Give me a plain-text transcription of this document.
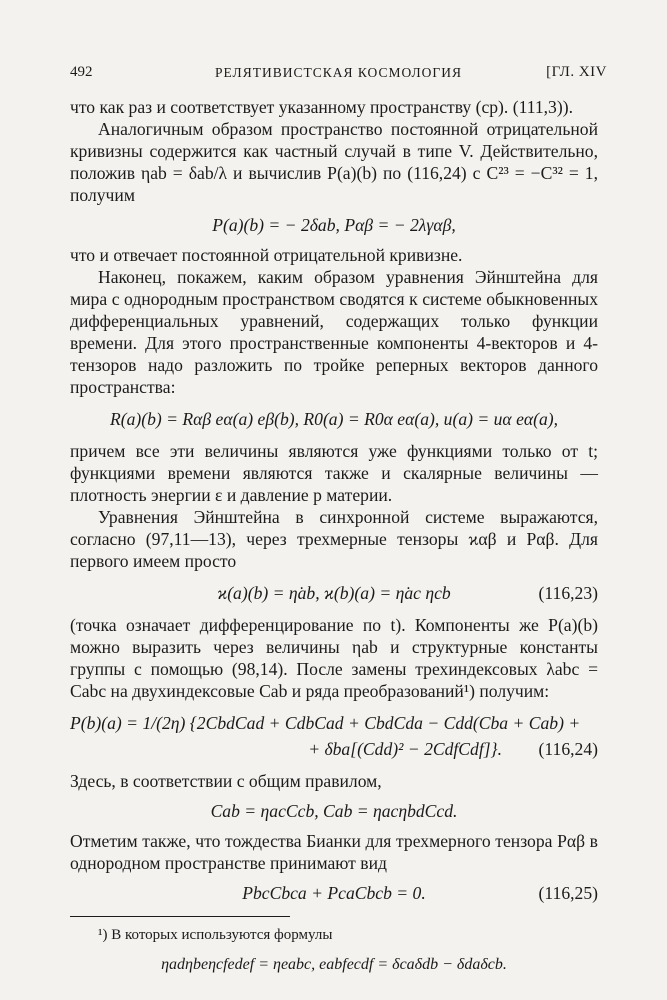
492	РЕЛЯТИВИСТСКАЯ КОСМОЛОГИЯ	[ГЛ. XIV

что как раз и соответствует указанному пространству (ср). (111,3)).

Аналогичным образом пространство постоянной отрицательной кривизны содержится как частный случай в типе V. Действительно, положив ηab = δab/λ и вычислив P(a)(b) по (116,24) с C²³ = −C³² = 1, получим

P(a)(b) = − 2δab, Pαβ = − 2λγαβ,

что и отвечает постоянной отрицательной кривизне.

Наконец, покажем, каким образом уравнения Эйнштейна для мира с однородным пространством сводятся к системе обыкновенных дифференциальных уравнений, содержащих только функции времени. Для этого пространственные компоненты 4-векторов и 4-тензоров надо разложить по тройке реперных векторов данного пространства:

R(a)(b) = Rαβ eα(a) eβ(b), R0(a) = R0α eα(a), u(a) = uα eα(a),

причем все эти величины являются уже функциями только от t; функциями времени являются также и скалярные величины — плотность энергии ε и давление p материи.

Уравнения Эйнштейна в синхронной системе выражаются, согласно (97,11—13), через трехмерные тензоры ϰαβ и Pαβ. Для первого имеем просто

ϰ(a)(b) = η̇ab, ϰ(b)(a) = η̇ac ηcb	(116,23)

(точка означает дифференцирование по t). Компоненты же P(a)(b) можно выразить через величины ηab и структурные константы группы с помощью (98,14). После замены трехиндексовых λabc = Cabc на двухиндексовые Cab и ряда преобразований¹) получим:

P(b)(a) = 1/(2η) {2CbdCad + CdbCad + CbdCda − Cdd(Cba + Cab) +
+ δba[(Cdd)² − 2CdfCdf]}. (116,24)

Здесь, в соответствии с общим правилом,

Cab = ηacCcb, Cab = ηacηbdCcd.

Отметим также, что тождества Бианки для трехмерного тензора Pαβ в однородном пространстве принимают вид

PbcCbca + PcaCbcb = 0.	(116,25)
¹) В которых используются формулы
ηadηbeηcfedef = ηeabc, eabfecdf = δcaδdb − δdaδcb.
